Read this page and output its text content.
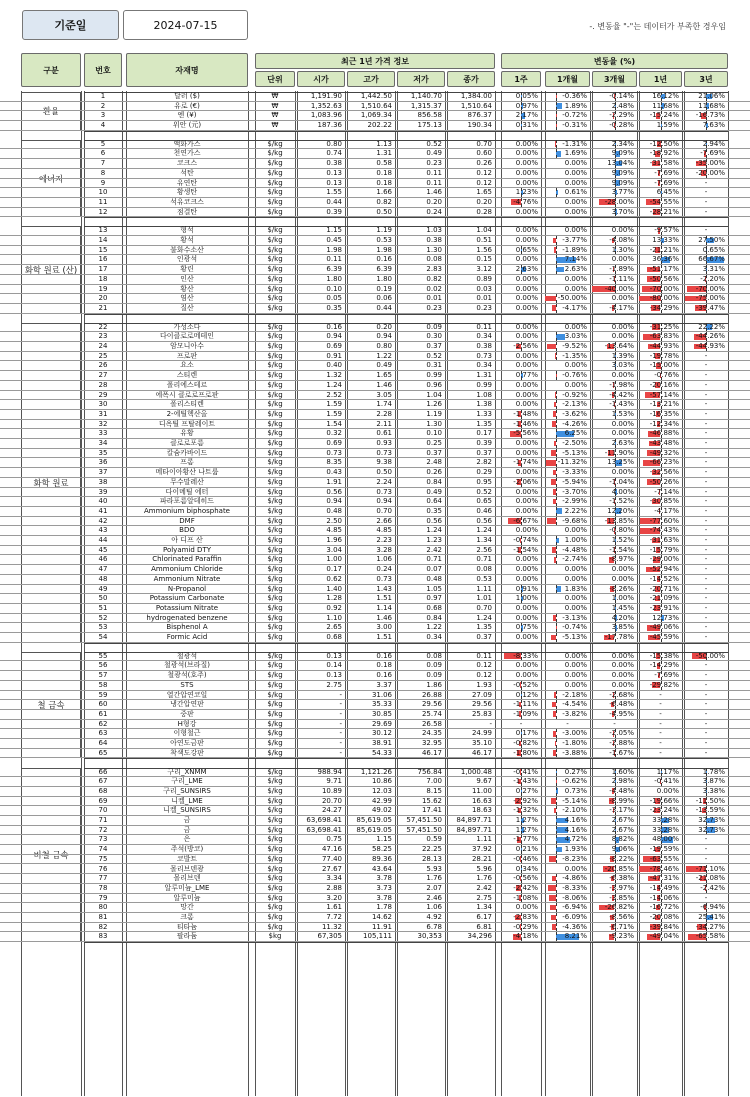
기준일	2024-07-15	-. 변동율 "-"는 데이터가 부족한 경우임
구분	번호	자재명
최근 1년 가격 정보
단위	시가	고가	저가	종가
변동율 (%)
1주	1개월	3개월	1년	3년
환율
1	달러 ($)	₩	1,191.90	1,442.50	1,140.70	1,384.00	0.05%	-0.36%	-0.14%	16.12%	21.06%
2	유로 (€)	₩	1,352.63	1,510.64	1,315.37	1,510.64	0.97%	1.89%	2.48%	11.68%	11.68%
3	엔 (¥)	₩	1,083.96	1,069.34	856.58	876.37	2.17%	-0.72%	-2.29% -15.24% -16.73%
4	위안 (元)	₩	187.36	202.22	175.13	190.34	0.31%	-0.31%	-0.28%	1.59%	7.63%
에너지
5	액화가스	$/kg	0.80	1.13	0.52	0.70	0.00%	-1.31%	2.34% -12.50%	2.94%
6	천연가스	$/kg	0.74	1.31	0.49	0.60	0.00%	1.69%	9.09% -18.92%	-7.69%
7	코크스	$/kg	0.38	0.58	0.23	0.26	0.00%	0.00%	13.04% -31.58% -35.00%
8	석탄	$/kg	0.13	0.18	0.11	0.12	0.00%	0.00%	9.09%	-7.69% -20.00%
9	유연탄	$/kg	0.13	0.18	0.11	0.12	0.00%	0.00%	9.09%	-7.69%	-
10	황생탄	$/kg	1.55	1.66	1.46	1.65	1.23%	0.61%	3.77%	6.45%	-
11	석유코크스	$/kg	0.44	0.82	0.20	0.20	-4.76%	0.00%	-28.00% -54.55%	-
12	점결탄	$/kg	0.39	0.50	0.24	0.28	0.00%	0.00%	3.70% -28.21%	-
화학 원료 (산)
13	형석	$/kg	1.15	1.19	1.03	1.04	0.00%	0.00%	0.00%	-9.57%	-
14	황석	$/kg	0.45	0.53	0.38	0.51	0.00%	-3.77%	-4.08%	13.33%	27.50%
15	불화수소산	$/kg	1.98	1.98	1.30	1.56	0.65%	-1.89%	1.30% -21.21%	0.65%
16	인광석	$/kg	0.11	0.16	0.08	0.15	0.00%	7.14%	0.00%	36.36%	66.67%
17	황린	$/kg	6.39	6.39	2.83	3.12	2.63%	2.63%	-1.89% -51.17%	3.31%
18	인산	$/kg	1.80	1.80	0.82	0.89	0.00%	0.00%	-1.11% -50.56%	-2.20%
19	황산	$/kg	0.10	0.19	0.02	0.03	0.00%	0.00%	-40.00% -70.00% -70.00%
20	염산	$/kg	0.05	0.06	0.01	0.01	0.00%	-50.00%	0.00% -80.00% -75.00%
21	질산	$/kg	0.35	0.44	0.23	0.23	0.00%	-4.17%	-4.17% -34.29% -39.47%
화학 원료
22	가성소다	$/kg	0.16	0.20	0.09	0.11	0.00%	0.00%	0.00% -31.25%	22.22%
23	다이클로로메테인	$/kg	0.94	0.94	0.30	0.34	0.00%	3.03%	0.00% -63.83% -44.26%
24	암모니아수	$/kg	0.69	0.80	0.37	0.38	-2.56%	-9.52%	-13.64% -44.93% -44.93%
25	프로판	$/kg	0.91	1.22	0.52	0.73	0.00%	-1.35%	1.39% -19.78%	-
26	요소	$/kg	0.40	0.49	0.31	0.34	0.00%	0.00%	3.03% -15.00%	-
27	스티렌	$/kg	1.32	1.65	0.99	1.31	0.77%	-0.76%	0.00%	-0.76%	-
28	폴리에스테르	$/kg	1.24	1.46	0.96	0.99	0.00%	0.00%	-1.98% -20.16%	-
29	에폭시 클로로프로판	$/kg	2.52	3.05	1.04	1.08	0.00%	-0.92%	-4.42% -57.14%	-
30	폴리스티렌	$/kg	1.59	1.74	1.26	1.38	0.00%	-2.13%	-1.43% -13.21%	-
31	2-에틸헥산올	$/kg	1.59	2.28	1.19	1.33	-1.48%	-3.62%	1.53% -16.35%	-
32	디옥틸 프탈레이트	$/kg	1.54	2.11	1.30	1.35	-1.46%	-4.26%	0.00% -12.34%	-
33	유황	$/kg	0.32	0.61	0.10	0.17	-5.56%	6.25%	0.00% -46.88%	-
34	클로로포름	$/kg	0.69	0.93	0.25	0.39	0.00%	-2.50%	2.63% -43.48%	-
35	칼슘카바이드	$/kg	0.73	0.73	0.37	0.37	0.00%	-5.13%	-11.90% -49.32%	-
36	프롬	$/kg	8.35	9.38	2.48	2.82	-1.74%	-11.32%	13.25% -66.23%	-
37	메타이아황산 나트륨	$/kg	0.43	0.50	0.26	0.29	0.00%	-3.33%	0.00% -32.56%	-
38	무수말레산	$/kg	1.91	2.24	0.84	0.95	-2.06%	-5.94%	-1.04% -50.26%	-
39	다이메틸 에터	$/kg	0.56	0.73	0.49	0.52	0.00%	-3.70%	4.00%	-7.14%	-
40	파라포름알데히드	$/kg	0.94	0.94	0.64	0.65	0.00%	-2.99%	-1.52% -30.85%	-
41	Ammonium biphosphate	$/kg	0.48	0.70	0.35	0.46	0.00%	2.22%	12.20%	-4.17%	-
42	DMF	$/kg	2.50	2.66	0.56	0.56	-6.67%	-9.68%	-13.85% -77.60%	-
43	BDO	$/kg	4.85	4.85	1.24	1.24	0.00%	0.00%	-0.80% -74.43%	-
44	아 디프 산	$/kg	1.96	2.23	1.23	1.34	-0.74%	1.00%	1.52% -31.63%	-
45	Polyamid DTY	$/kg	3.04	3.28	2.42	2.56	-1.54%	-4.48%	-1.54% -15.79%	-
46	Chlorinated Paraffin	$/kg	1.00	1.06	0.71	0.71	0.00%	-2.74%	-8.97% -29.00%	-
47	Ammonium Chloride	$/kg	0.17	0.24	0.07	0.08	0.00%	0.00%	0.00% -52.94%	-
48	Ammonium Nitrate	$/kg	0.62	0.73	0.48	0.53	0.00%	0.00%	0.00% -14.52%	-
49	N-Propanol	$/kg	1.40	1.43	1.05	1.11	0.91%	1.83%	-8.26% -20.71%	-
50	Potassium Carbonate	$/kg	1.28	1.51	0.97	1.01	1.00%	0.00%	1.00% -21.09%	-
51	Potassium Nitrate	$/kg	0.92	1.14	0.68	0.70	0.00%	0.00%	1.45% -23.91%	-
52	hydrogenated benzene	$/kg	1.10	1.46	0.84	1.24	0.00%	-3.13%	4.20%	12.73%	-
53	Bisphenol A	$/kg	2.65	3.00	1.22	1.35	0.75%	-0.74%	3.85% -49.06%	-
54	Formic Acid	$/kg	0.68	1.51	0.34	0.37	0.00%	-5.13%	-17.78% -45.59%	-
철 금속
55	철광석	$/kg	0.13	0.16	0.08	0.11	-8.33%	0.00%	0.00% -15.38% -50.00%
56	철광석(브라질)	$/kg	0.14	0.18	0.09	0.12	0.00%	0.00%	0.00% -14.29%	-
57	철광석(호주)	$/kg	0.13	0.16	0.09	0.12	0.00%	0.00%	0.00%	-7.69%	-
58	STS	$/kg	2.75	3.37	1.86	1.93	-0.52%	0.00%	0.00% -29.82%	-
59	열간압연코일	$/kg	-	31.06	26.88	27.09	0.12%	-2.18%	-2.68%	-	-
60	냉간압연판	$/kg	-	35.33	29.56	29.56	-1.11%	-4.54%	-6.48%	-	-
61	중판	$/kg	-	30.85	25.74	25.83	-1.09%	-3.82%	-4.95%	-	-
62	H형강	$/kg	-	29.69	26.58	-	-	-	-	-	-
63	이형철근	$/kg	-	30.12	24.35	24.99	0.17%	-3.00%	-2.05%	-	-
64	아연도금판	$/kg	-	38.91	32.95	35.10	-0.82%	-1.80%	-2.88%	-	-
65	착색도강판	$/kg	-	54.33	46.17	46.17	-1.80%	-3.88%	-1.67%	-	-
비철 금속
66	구리_XNMM	$/kg	988.94	1,121.26	756.84	1,000.48	-0.41%	0.27%	1.60%	1.17%	1.78%
67	구리_LME	$/kg	9.71	10.86	7.00	9.67	-1.43%	-0.62%	2.98%	-0.41%	3.87%
68	구리_SUNSIRS	$/kg	10.89	12.03	8.15	11.00	0.27%	0.73%	-4.48%	0.00%	3.38%
69	니켈_LME	$/kg	20.70	42.99	15.62	16.63	-2.92%	-5.14%	-8.99% -19.66% -11.50%
70	니켈_SUNSIRS	$/kg	24.27	49.02	17.41	18.63	-1.32%	-2.10%	-3.17% -23.24% -13.59%
71	금	$/kg	63,698.41	85,619.05	57,451.50	84,897.71	1.27%	4.16%	2.67%	33.28%	32.73%
72	금	$/kg	63,698.41	85,619.05	57,451.50	84,897.71	1.27%	4.16%	2.67%	33.28%	32.73%
73	은	$/kg	0.75	1.15	0.59	1.11	-1.77%	4.72%	8.82%	48.00%	-
74	주석(방코)	$/kg	47.16	58.25	22.25	37.92	0.21%	1.93%	9.06% -19.59%	-
75	코발트	$/kg	77.40	89.36	28.13	28.21	-0.46%	-8.23%	-8.22% -63.55%	-
76	몰리브덴광	$/kg	27.67	43.64	5.93	5.96	0.34%	0.00%	-20.85% -78.46% -71.10%
77	몰리브덴	$/kg	3.34	3.78	1.76	1.76	-0.56%	-4.86%	-6.38% -47.31% -21.08%
78	알루미늄_LME	$/kg	2.88	3.73	2.07	2.42	-2.42%	-8.33%	-3.97% -14.49%	-2.42%
79	알루미늄	$/kg	3.20	3.78	2.46	2.75	-1.08%	-8.06%	-3.85% -14.06%	-
80	망간	$/kg	1.61	1.78	1.06	1.34	0.00%	-6.94%	-26.82% -16.72%	-6.94%
81	크롬	$/kg	7.72	14.62	4.92	6.17	-2.83%	-6.09%	-8.56% -20.08%	25.41%
82	티타늄	$/kg	11.32	11.91	6.78	6.81	-0.29%	-4.36%	-6.71% -39.84% -34.27%
83	팔라듐	$kg	67,305	105,111	30,353	34,296	-4.18%	8.21%	-9.23% -49.04% -65.58%
